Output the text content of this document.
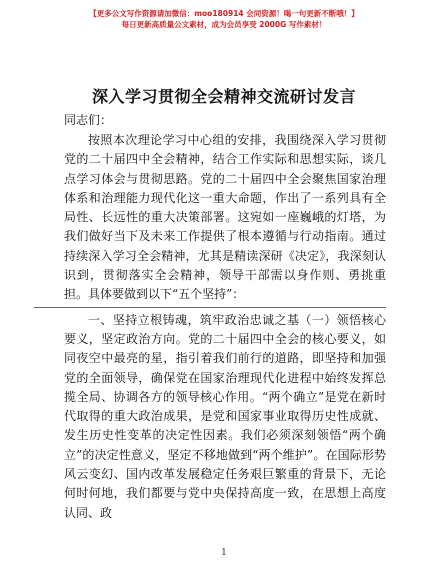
【更多公文写作资源请加微信：moo180914 会同资源！喝一句更新不断哦！】
每日更新高质量公文素材，成为会员享受 2000G 写作素材！
深入学习贯彻全会精神交流研讨发言
同志们：

按照本次理论学习中心组的安排，我围绕深入学习贯彻党的二十届四中全会精神，结合工作实际和思想实际，谈几点学习体会与贯彻思路。党的二十届四中全会聚焦国家治理体系和治理能力现代化这一重大命题，作出了一系列具有全局性、长远性的重大决策部署。这宛如一座巍峨的灯塔，为我们做好当下及未来工作提供了根本遵循与行动指南。通过持续深入学习全会精神，尤其是精读深研《决定》，我深刻认识到，贯彻落实全会精神，领导干部需以身作则、勇挑重担。具体要做到以下“五个坚持”：

一、坚持立根铸魂，筑牢政治忠诚之基（一）领悟核心要义，坚定政治方向。党的二十届四中全会的核心要义，如同夜空中最亮的星，指引着我们前行的道路，即坚持和加强党的全面领导，确保党在国家治理现代化进程中始终发挥总揽全局、协调各方的领导核心作用。“两个确立”是党在新时代取得的重大政治成果，是党和国家事业取得历史性成就、发生历史性变革的决定性因素。我们必须深刻领悟“两个确立”的决定性意义，坚定不移地做到“两个维护”。在国际形势风云变幻、国内改革发展稳定任务艰巨繁重的背景下，无论何时何地，我们都要与党中央保持高度一致，在思想上高度认同、政

1
